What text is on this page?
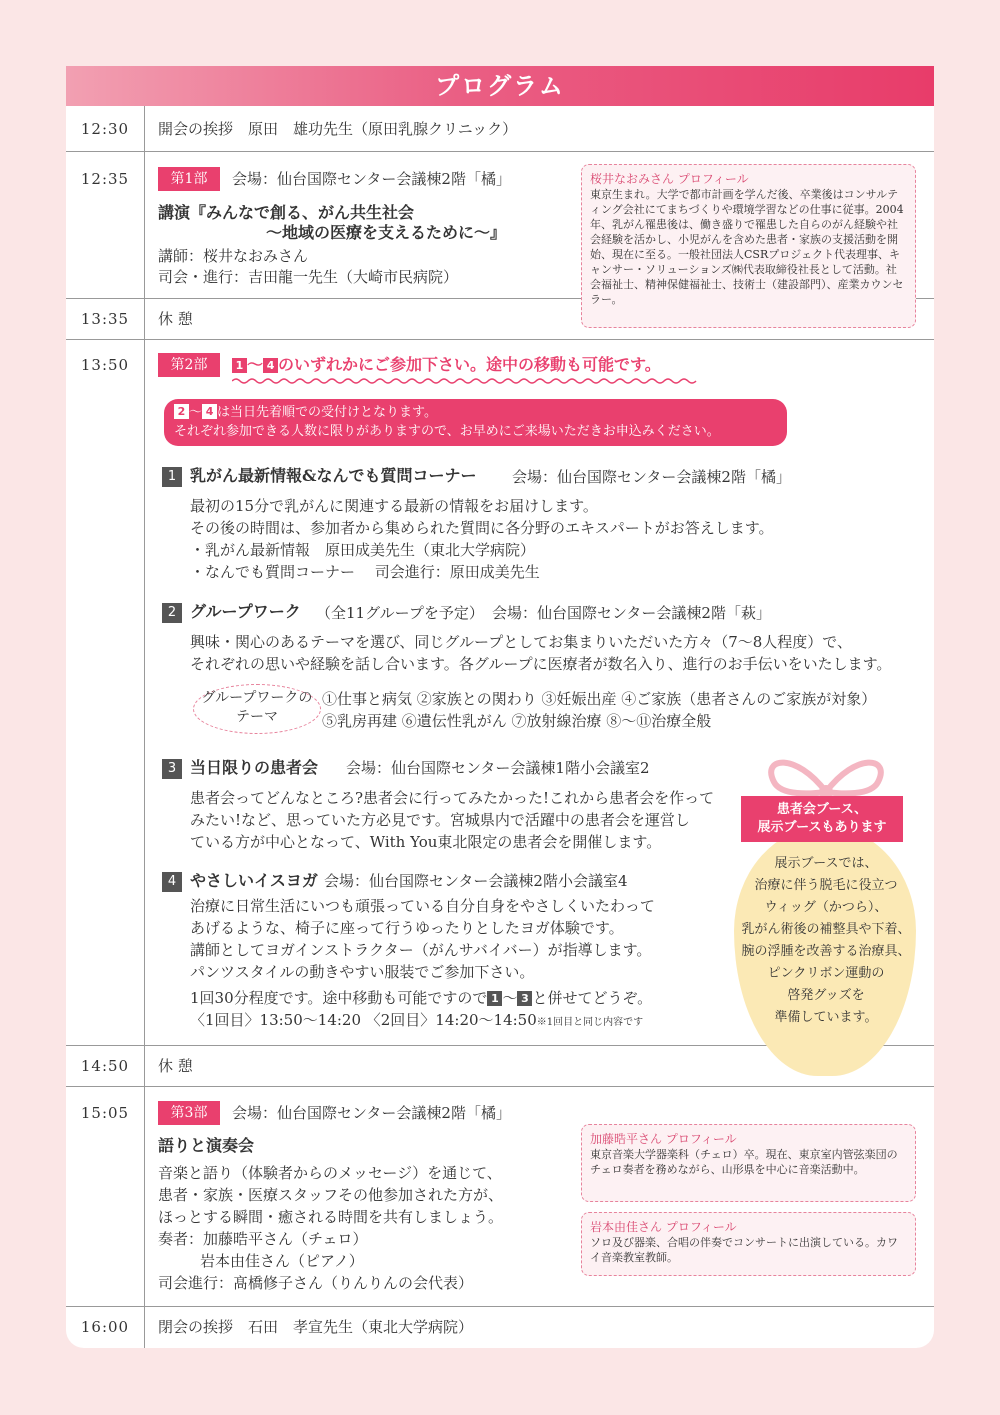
プログラム
12:30	開会の挨拶　原田　雄功先生（原田乳腺クリニック）
12:35	第1部	会場：仙台国際センター会議棟2階「橘」
講演『みんなで創る、がん共生社会
～地域の医療を支えるために～』
講師：桜井なおみさん
司会・進行：吉田龍一先生（大崎市民病院）
桜井なおみさん プロフィール
東京生まれ。大学で都市計画を学んだ後、卒業後はコンサルティング会社にてまちづくりや環境学習などの仕事に従事。2004年、乳がん罹患後は、働き盛りで罹患した自らのがん経験や社会経験を活かし、小児がんを含めた患者・家族の支援活動を開始、現在に至る。一般社団法人CSRプロジェクト代表理事、キャンサー・ソリューションズ㈱代表取締役社長として活動。社会福祉士、精神保健福祉士、技術士（建設部門）、産業カウンセラー。
13:35	休 憩
13:50	第2部	1 ～ 4 のいずれかにご参加下さい。途中の移動も可能です。
2 ～ 4 は当日先着順での受付けとなります。
それぞれ参加できる人数に限りがありますので、お早めにご来場いただきお申込みください。
1 乳がん最新情報&なんでも質問コーナー 会場：仙台国際センター会議棟2階「橘」
最初の15分で乳がんに関連する最新の情報をお届けします。
その後の時間は、参加者から集められた質問に各分野のエキスパートがお答えします。
・乳がん最新情報　原田成美先生（東北大学病院）
・なんでも質問コーナー　 司会進行：原田成美先生
2 グループワーク （全11グループを予定） 会場：仙台国際センター会議棟2階「萩」
興味・関心のあるテーマを選び、同じグループとしてお集まりいただいた方々（7～8人程度）で、
それぞれの思いや経験を話し合います。各グループに医療者が数名入り、進行のお手伝いをいたします。
グループワークの
テーマ
①仕事と病気 ②家族との関わり ③妊娠出産 ④ご家族（患者さんのご家族が対象）
⑤乳房再建 ⑥遺伝性乳がん ⑦放射線治療 ⑧～⑪治療全般
3 当日限りの患者会 会場：仙台国際センター会議棟1階小会議室2
患者会ってどんなところ?患者会に行ってみたかった!これから患者会を作って
みたい!など、思っていた方必見です。宮城県内で活躍中の患者会を運営し
ている方が中心となって、With You東北限定の患者会を開催します。
4 やさしいイスヨガ 会場：仙台国際センター会議棟2階小会議室4
治療に日常生活にいつも頑張っている自分自身をやさしくいたわって
あげるような、椅子に座って行うゆったりとしたヨガ体験です。
講師としてヨガインストラクター（がんサバイバー）が指導します。
パンツスタイルの動きやすい服装でご参加下さい。
1回30分程度です。途中移動も可能ですので 1 ～ 3 と併せてどうぞ。
〈1回目〉13:50～14:20 〈2回目〉14:20～14:50※1回目と同じ内容です
患者会ブース、
展示ブースもあります
展示ブースでは、
治療に伴う脱毛に役立つ
ウィッグ（かつら）、
乳がん術後の補整具や下着、
腕の浮腫を改善する治療具、
ピンクリボン運動の
啓発グッズを
準備しています。
14:50	休 憩
15:05	第3部	会場：仙台国際センター会議棟2階「橘」
語りと演奏会
音楽と語り（体験者からのメッセージ）を通じて、
患者・家族・医療スタッフその他参加された方が、
ほっとする瞬間・癒される時間を共有しましょう。
奏者：加藤晧平さん（チェロ）
岩本由佳さん（ピアノ）
司会進行：髙橋修子さん（りんりんの会代表）
加藤晧平さん プロフィール
東京音楽大学器楽科（チェロ）卒。現在、東京室内管弦楽団のチェロ奏者を務めながら、山形県を中心に音楽活動中。
岩本由佳さん プロフィール
ソロ及び器楽、合唱の伴奏でコンサートに出演している。カワイ音楽教室教師。
16:00	閉会の挨拶　石田　孝宣先生（東北大学病院）
